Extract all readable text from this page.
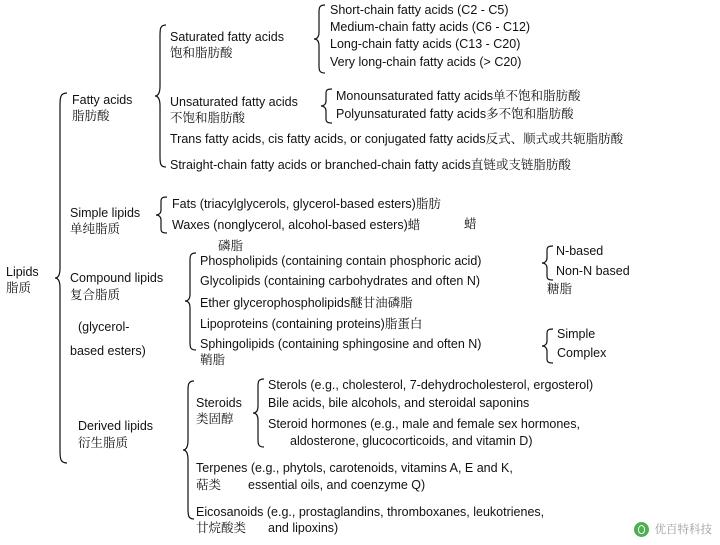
Lipids
脂质
Fatty acids
脂肪酸
Saturated fatty acids
饱和脂肪酸
Short-chain fatty acids (C2 - C5)
Medium-chain fatty acids (C6 - C12)
Long-chain fatty acids (C13 - C20)
Very long-chain fatty acids (> C20)
Unsaturated fatty acids
不饱和脂肪酸
Monounsaturated fatty acids单不饱和脂肪酸
Polyunsaturated fatty acids多不饱和脂肪酸
Trans fatty acids, cis fatty acids, or conjugated fatty acids反式、顺式或共轭脂肪酸
Straight-chain fatty acids or branched-chain fatty acids直链或支链脂肪酸
Simple lipids
单纯脂质
Fats (triacylglycerols, glycerol-based esters)脂肪
Waxes (nonglycerol, alcohol-based esters)蜡	蜡
Compound lipids
复合脂质
(glycerol-
based esters)
磷脂
Phospholipids (containing contain phosphoric acid)
N-based
Non-N based
Glycolipids (containing carbohydrates and often N)
糖脂
Ether glycerophospholipids醚甘油磷脂
Lipoproteins (containing proteins)脂蛋白
Sphingolipids (containing sphingosine and often N)
鞘脂
Simple
Complex
Derived lipids
衍生脂质
Steroids
类固醇
Sterols (e.g., cholesterol, 7-dehydrocholesterol, ergosterol)
Bile acids, bile alcohols, and steroidal saponins
Steroid hormones (e.g., male and female sex hormones,
aldosterone, glucocorticoids, and vitamin D)
Terpenes (e.g., phytols, carotenoids, vitamins A, E and K,
萜类 essential oils, and coenzyme Q)
Eicosanoids (e.g., prostaglandins, thromboxanes, leukotrienes,
廿烷酸类 and lipoxins)	优百特科技
